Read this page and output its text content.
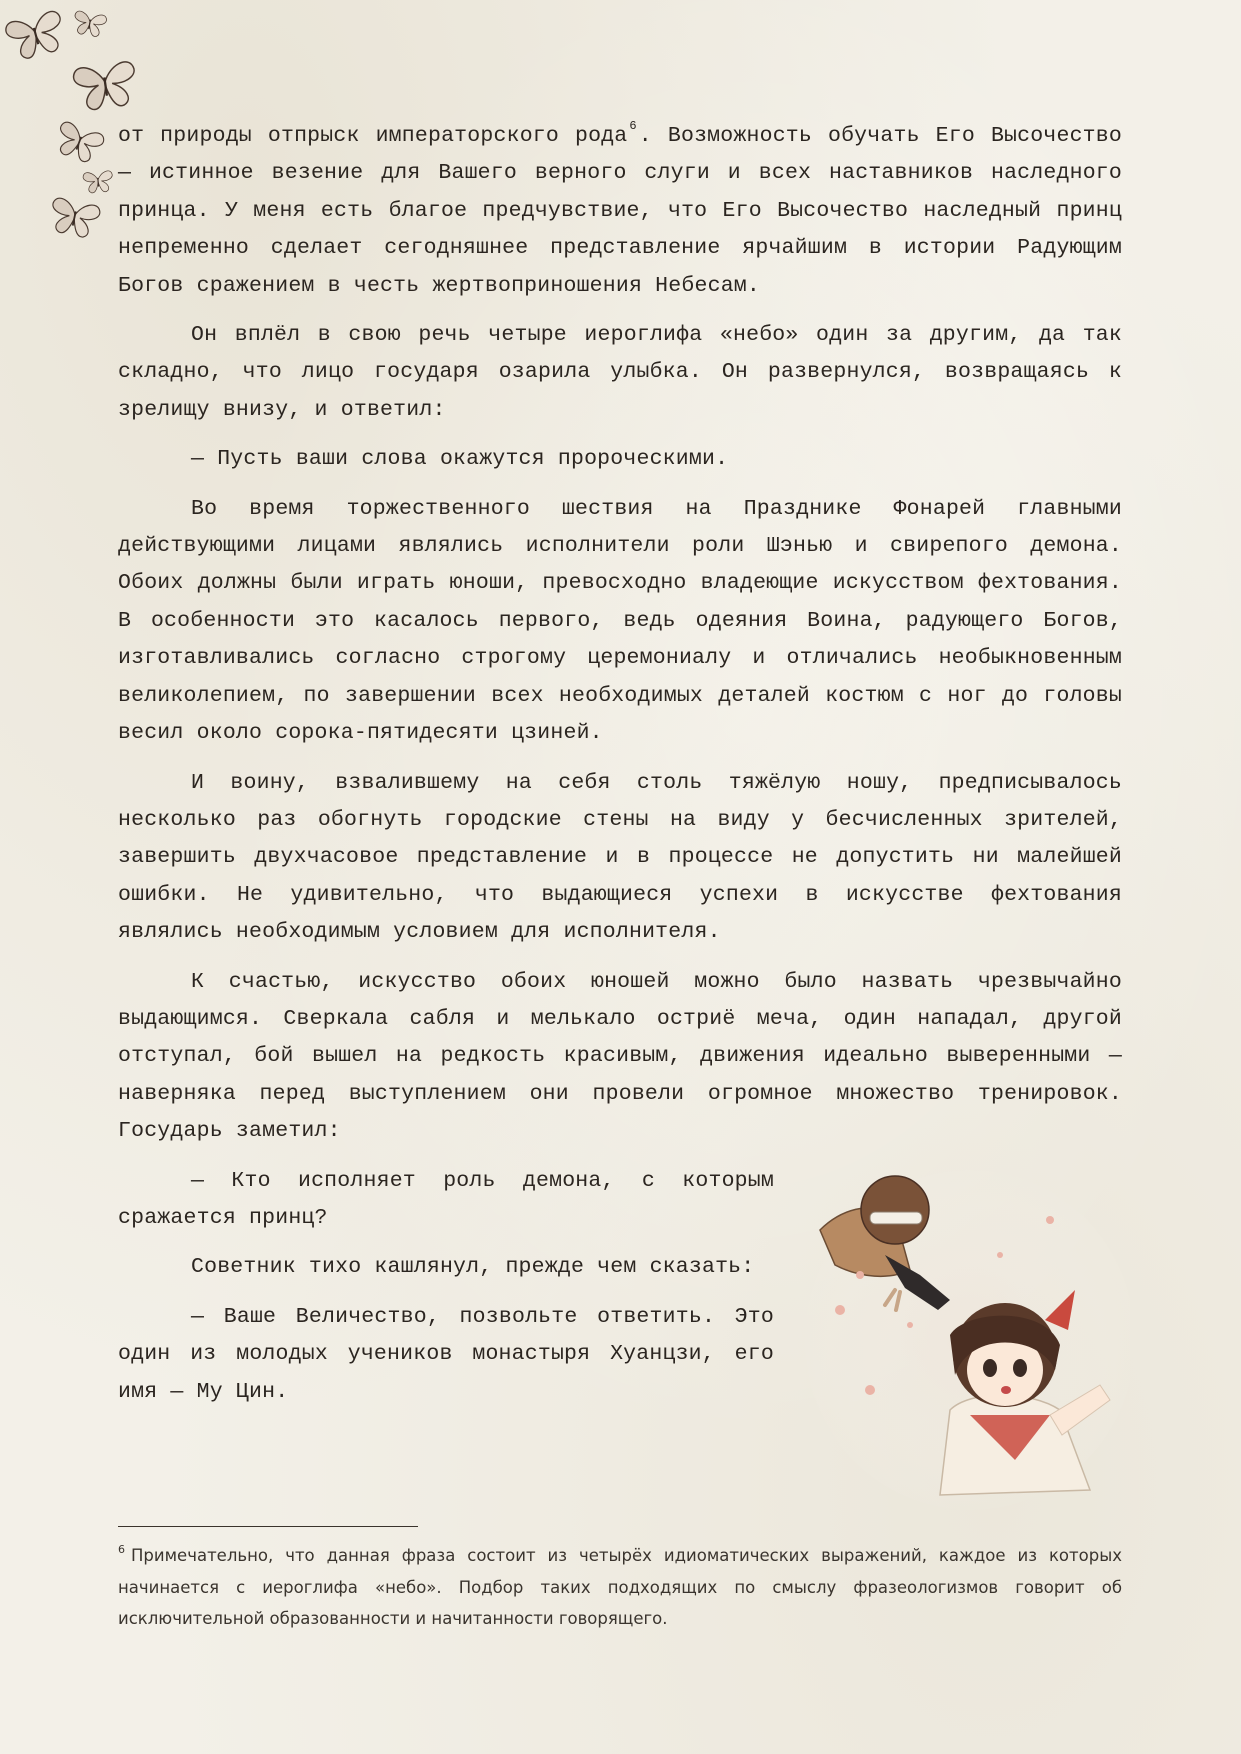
от природы отпрыск императорского рода $^6$. Возможность обучать Его Высочество — истинное везение для Вашего верного слуги и всех наставников наследного принца. У меня есть благое предчувствие, что Его Высочество наследный принц непременно сделает сегодняшнее представление ярчайшим в истории Радующим Богов сражением в честь жертвоприношения Небесам.

Он вплёл в свою речь четыре иероглифа «небо» один за другим, да так складно, что лицо государя озарила улыбка. Он развернулся, возвращаясь к зрелищу внизу, и ответил:

— Пусть ваши слова окажутся пророческими.

Во время торжественного шествия на Празднике Фонарей главными действующими лицами являлись исполнители роли Шэнью и свирепого демона. Обоих должны были играть юноши, превосходно владеющие искусством фехтования. В особенности это касалось первого, ведь одеяния Воина, радующего Богов, изготавливались согласно строгому церемониалу и отличались необыкновенным великолепием, по завершении всех необходимых деталей костюм с ног до головы весил около сорока-пятидесяти цзиней.

И воину, взвалившему на себя столь тяжёлую ношу, предписывалось несколько раз обогнуть городские стены на виду у бесчисленных зрителей, завершить двухчасовое представление и в процессе не допустить ни малейшей ошибки. Не удивительно, что выдающиеся успехи в искусстве фехтования являлись необходимым условием для исполнителя.

К счастью, искусство обоих юношей можно было назвать чрезвычайно выдающимся. Сверкала сабля и мелькало остриё меча, один нападал, другой отступал, бой вышел на редкость красивым, движения идеально выверенными — наверняка перед выступлением они провели огромное множество тренировок. Государь заметил:

— Кто исполняет роль демона, с которым сражается принц?

Советник тихо кашлянул, прежде чем сказать:

— Ваше Величество, позвольте ответить. Это один из молодых учеников монастыря Хуанцзи, его имя — Му Цин.

$^6$ Примечательно, что данная фраза состоит из четырёх идиоматических выражений, каждое из которых начинается с иероглифа «небо». Подбор таких подходящих по смыслу фразеологизмов говорит об исключительной образованности и начитанности говорящего.
